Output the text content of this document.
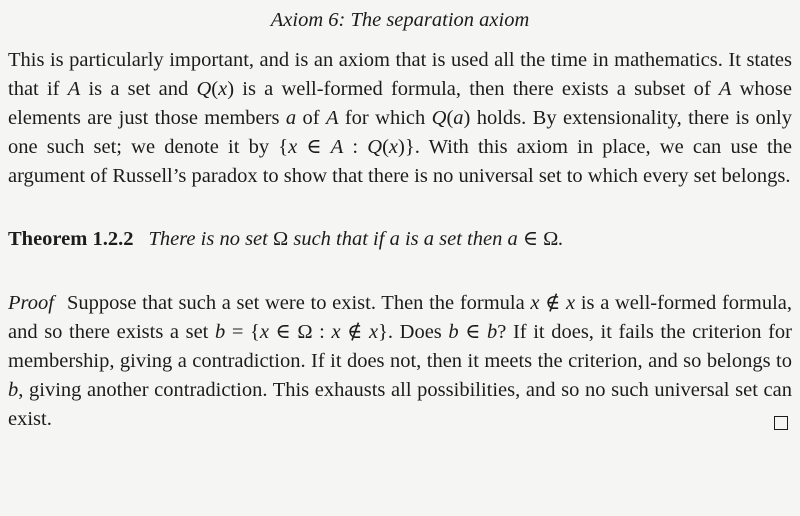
Axiom 6: The separation axiom

This is particularly important, and is an axiom that is used all the time in mathematics. It states that if A is a set and Q(x) is a well-formed formula, then there exists a subset of A whose elements are just those members a of A for which Q(a) holds. By extensionality, there is only one such set; we denote it by {x ∈ A : Q(x)}. With this axiom in place, we can use the argument of Russell’s paradox to show that there is no universal set to which every set belongs.

Theorem 1.2.2 There is no set Ω such that if a is a set then a ∈ Ω.

Proof Suppose that such a set were to exist. Then the formula x ∉ x is a well-formed formula, and so there exists a set b = {x ∈ Ω : x ∉ x}. Does b ∈ b? If it does, it fails the criterion for membership, giving a contradiction. If it does not, then it meets the criterion, and so belongs to b, giving another contradiction. This exhausts all possibilities, and so no such universal set can exist.
